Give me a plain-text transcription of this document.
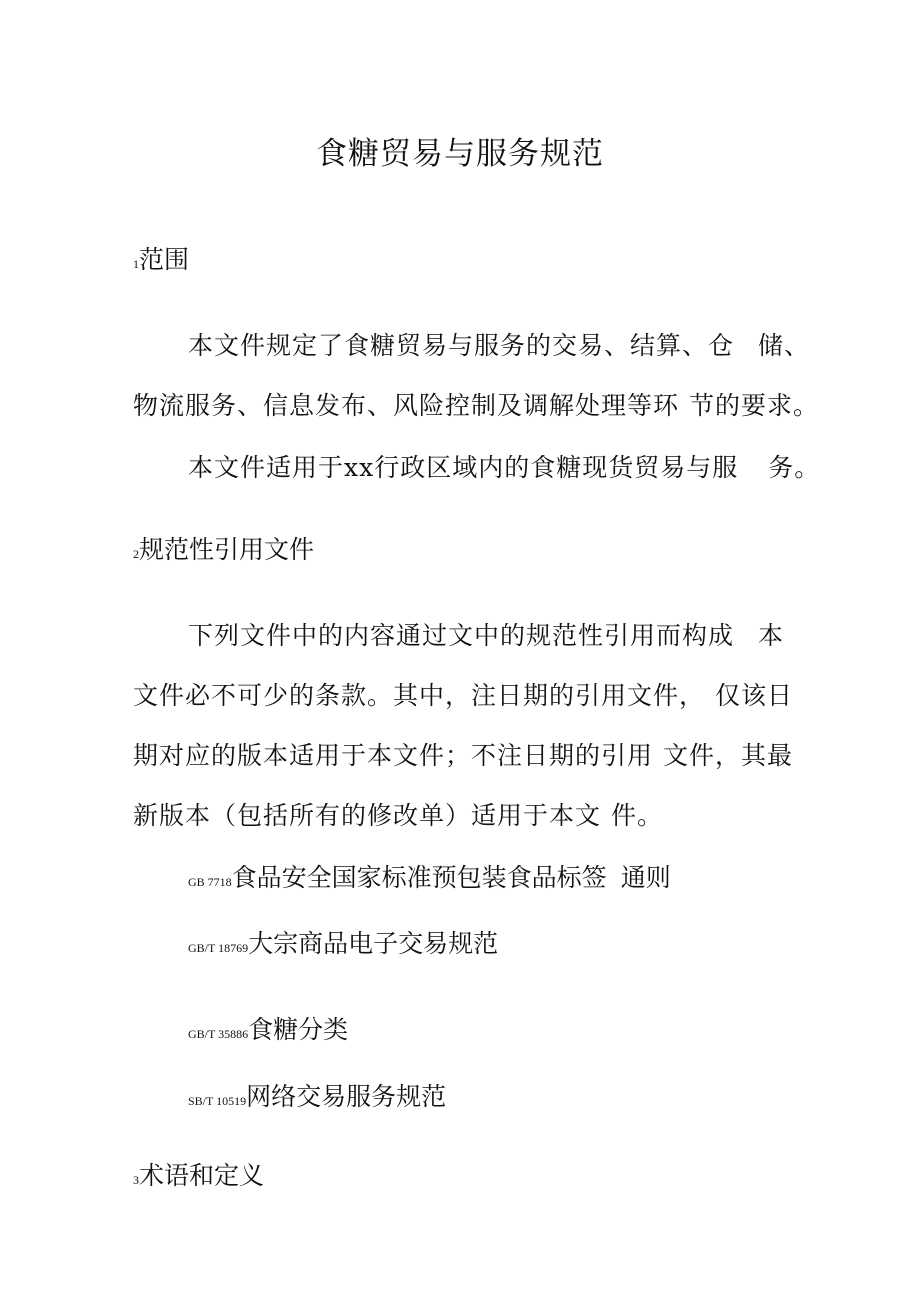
食糖贸易与服务规范
1范围
本文件规定了食糖贸易与服务的交易、结算、仓 储、
物流服务、信息发布、风险控制及调解处理等环 节的要求。
本文件适用于xx行政区域内的食糖现货贸易与服 务。
2规范性引用文件
下列文件中的内容通过文中的规范性引用而构成 本
文件必不可少的条款。其中，注日期的引用文件， 仅该日
期对应的版本适用于本文件；不注日期的引用 文件，其最
新版本（包括所有的修改单）适用于本文 件。
GB 7718食品安全国家标准预包装食品标签 通则
GB/T 18769大宗商品电子交易规范
GB/T 35886食糖分类
SB/T 10519网络交易服务规范
3术语和定义
